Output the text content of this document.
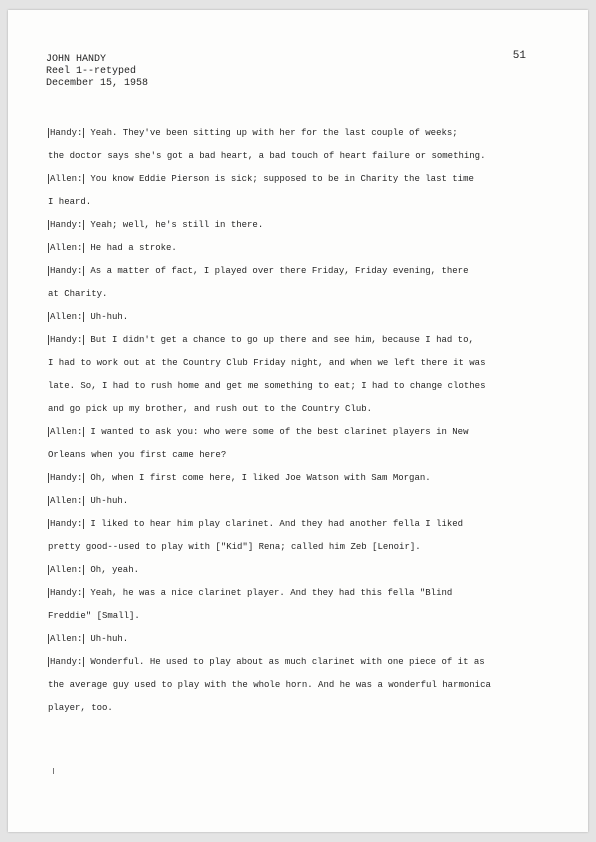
JOHN HANDY
Reel 1--retyped
December 15, 1958
51
Handy: Yeah. They've been sitting up with her for the last couple of weeks;
the doctor says she's got a bad heart, a bad touch of heart failure or something.
Allen: You know Eddie Pierson is sick; supposed to be in Charity the last time
I heard.
Handy: Yeah; well, he's still in there.
Allen: He had a stroke.
Handy: As a matter of fact, I played over there Friday, Friday evening, there
at Charity.
Allen: Uh-huh.
Handy: But I didn't get a chance to go up there and see him, because I had to,
I had to work out at the Country Club Friday night, and when we left there it was
late. So, I had to rush home and get me something to eat; I had to change clothes
and go pick up my brother, and rush out to the Country Club.
Allen: I wanted to ask you: who were some of the best clarinet players in New
Orleans when you first came here?
Handy: Oh, when I first come here, I liked Joe Watson with Sam Morgan.
Allen: Uh-huh.
Handy: I liked to hear him play clarinet. And they had another fella I liked
pretty good--used to play with ["Kid"] Rena; called him Zeb [Lenoir].
Allen: Oh, yeah.
Handy: Yeah, he was a nice clarinet player. And they had this fella "Blind
Freddie" [Small].
Allen: Uh-huh.
Handy: Wonderful. He used to play about as much clarinet with one piece of it as
the average guy used to play with the whole horn. And he was a wonderful harmonica
player, too.
